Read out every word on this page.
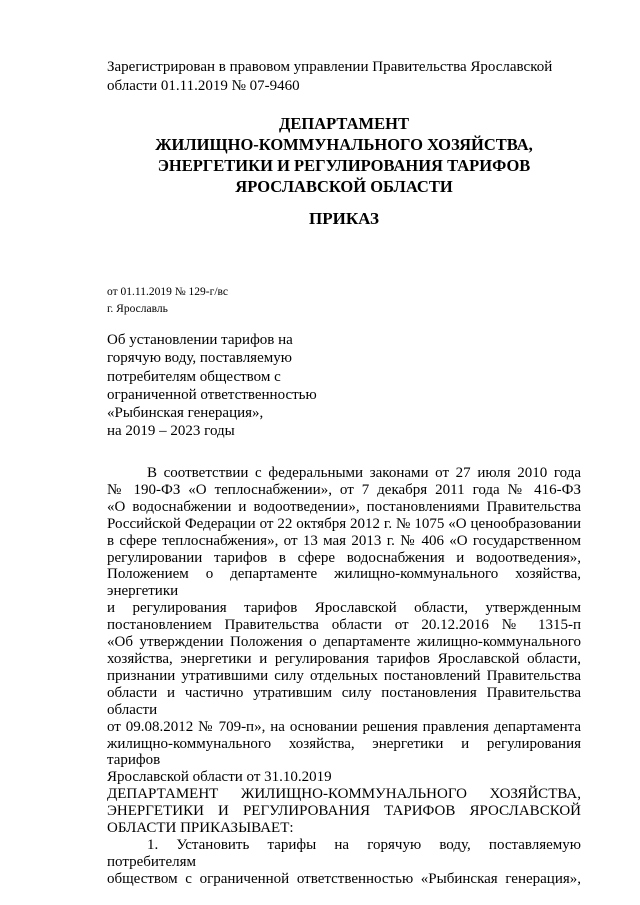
Зарегистрирован в правовом управлении Правительства Ярославской
области 01.11.2019 № 07-9460
ДЕПАРТАМЕНТ
ЖИЛИЩНО-КОММУНАЛЬНОГО ХОЗЯЙСТВА,
ЭНЕРГЕТИКИ И РЕГУЛИРОВАНИЯ ТАРИФОВ
ЯРОСЛАВСКОЙ ОБЛАСТИ
ПРИКАЗ
от 01.11.2019 № 129-г/вс
г. Ярославль
Об установлении тарифов на
горячую воду, поставляемую
потребителям обществом с
ограниченной ответственностью
«Рыбинская генерация»,
на 2019 – 2023 годы

В соответствии с федеральными законами от 27 июля 2010 года

№ 190-ФЗ «О теплоснабжении», от 7 декабря 2011 года № 416-ФЗ

«О водоснабжении и водоотведении», постановлениями Правительства

Российской Федерации от 22 октября 2012 г. № 1075 «О ценообразовании

в сфере теплоснабжения», от 13 мая 2013 г. № 406 «О государственном

регулировании тарифов в сфере водоснабжения и водоотведения»,

Положением о департаменте жилищно-коммунального хозяйства, энергетики

и регулирования тарифов Ярославской области, утвержденным

постановлением Правительства области от 20.12.2016 № 1315-п

«Об утверждении Положения о департаменте жилищно-коммунального

хозяйства, энергетики и регулирования тарифов Ярославской области,

признании утратившими силу отдельных постановлений Правительства

области и частично утратившим силу постановления Правительства области

от 09.08.2012 № 709-п», на основании решения правления департамента

жилищно-коммунального хозяйства, энергетики и регулирования тарифов

Ярославской области от 31.10.2019

ДЕПАРТАМЕНТ ЖИЛИЩНО-КОММУНАЛЬНОГО ХОЗЯЙСТВА,

ЭНЕРГЕТИКИ И РЕГУЛИРОВАНИЯ ТАРИФОВ ЯРОСЛАВСКОЙ

ОБЛАСТИ ПРИКАЗЫВАЕТ:

1. Установить тарифы на горячую воду, поставляемую потребителям

обществом с ограниченной ответственностью «Рыбинская генерация»,
